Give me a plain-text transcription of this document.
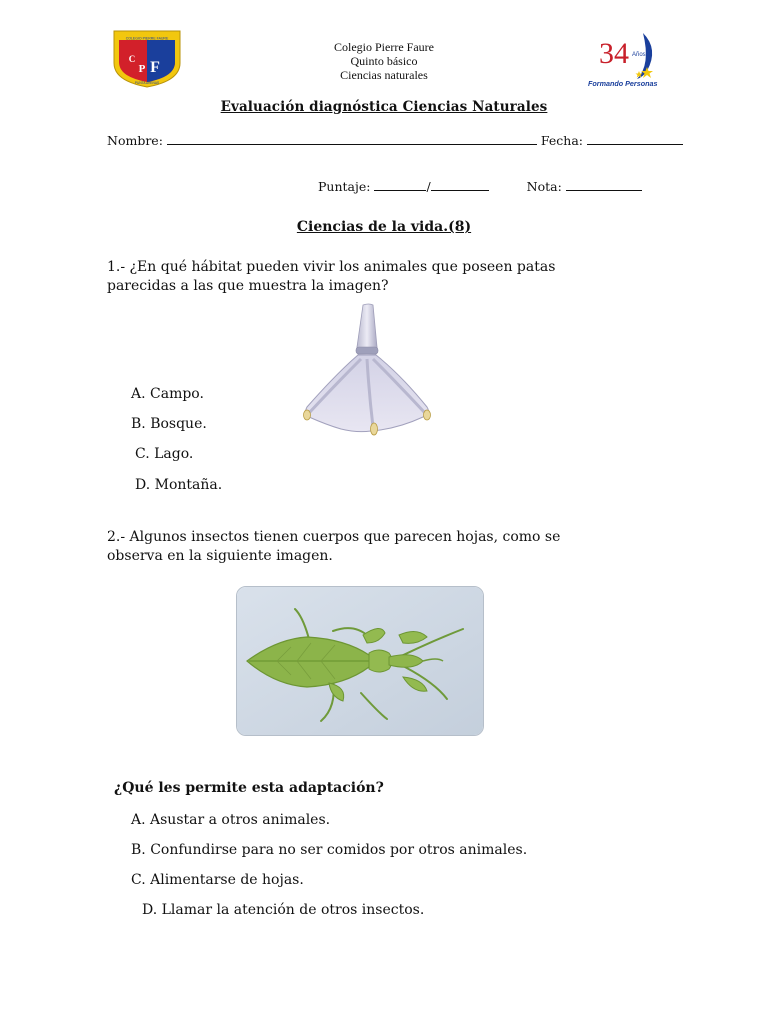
COLEGIO PIERRE FAURE
C
P F
PUNTA ARENAS
Colegio Pierre Faure
Quinto básico
Ciencias naturales
34 Años
Formando Personas
Evaluación diagnóstica Ciencias Naturales
Nombre:	Fecha:
Puntaje:	/	Nota:
Ciencias de la vida.(8)
1.- ¿En qué hábitat pueden vivir los animales que poseen patas
parecidas a las que muestra la imagen?
A. Campo.
B. Bosque.
C. Lago.
D. Montaña.
2.- Algunos insectos tienen cuerpos que parecen hojas, como se
observa en la siguiente imagen.
¿Qué les permite esta adaptación?
A. Asustar a otros animales.
B. Confundirse para no ser comidos por otros animales.
C. Alimentarse de hojas.
D. Llamar la atención de otros insectos.
